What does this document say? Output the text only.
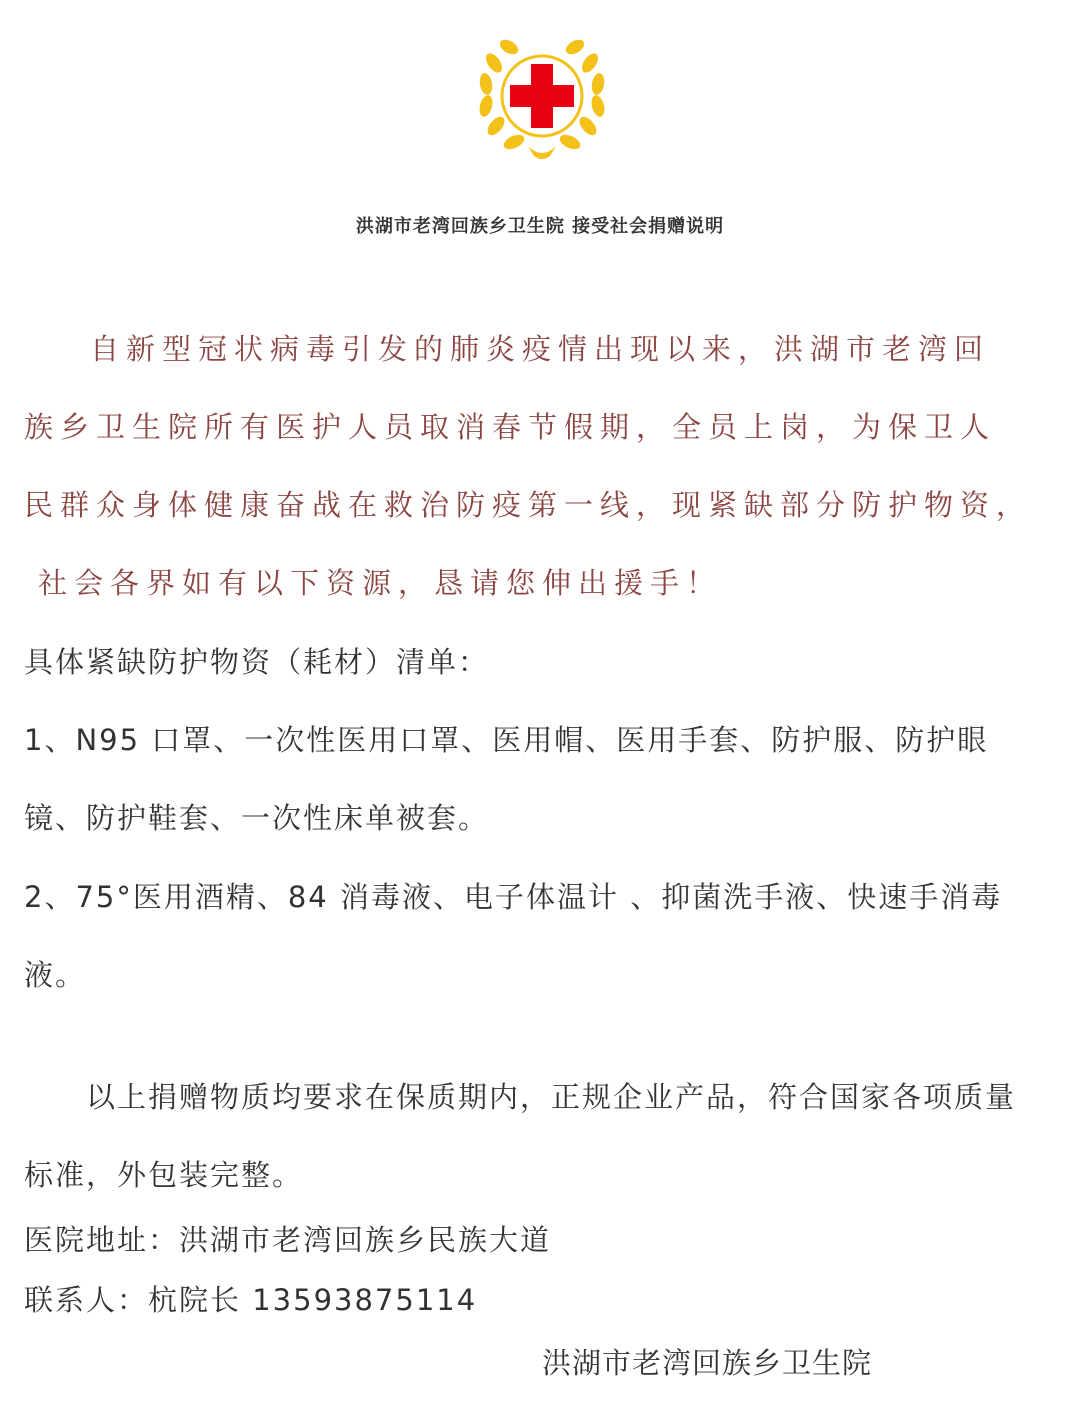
洪湖市老湾回族乡卫生院 接受社会捐赠说明
自新型冠状病毒引发的肺炎疫情出现以来，洪湖市老湾回
族乡卫生院所有医护人员取消春节假期，全员上岗，为保卫人
民群众身体健康奋战在救治防疫第一线，现紧缺部分防护物资，
社会各界如有以下资源，恳请您伸出援手！
具体紧缺防护物资（耗材）清单：
1、N95 口罩、一次性医用口罩、医用帽、医用手套、防护服、防护眼
镜、防护鞋套、一次性床单被套。
2、75°医用酒精、84 消毒液、电子体温计 、抑菌洗手液、快速手消毒
液。
以上捐赠物质均要求在保质期内，正规企业产品，符合国家各项质量
标准，外包装完整。
医院地址：洪湖市老湾回族乡民族大道
联系人：杭院长 13593875114
洪湖市老湾回族乡卫生院
